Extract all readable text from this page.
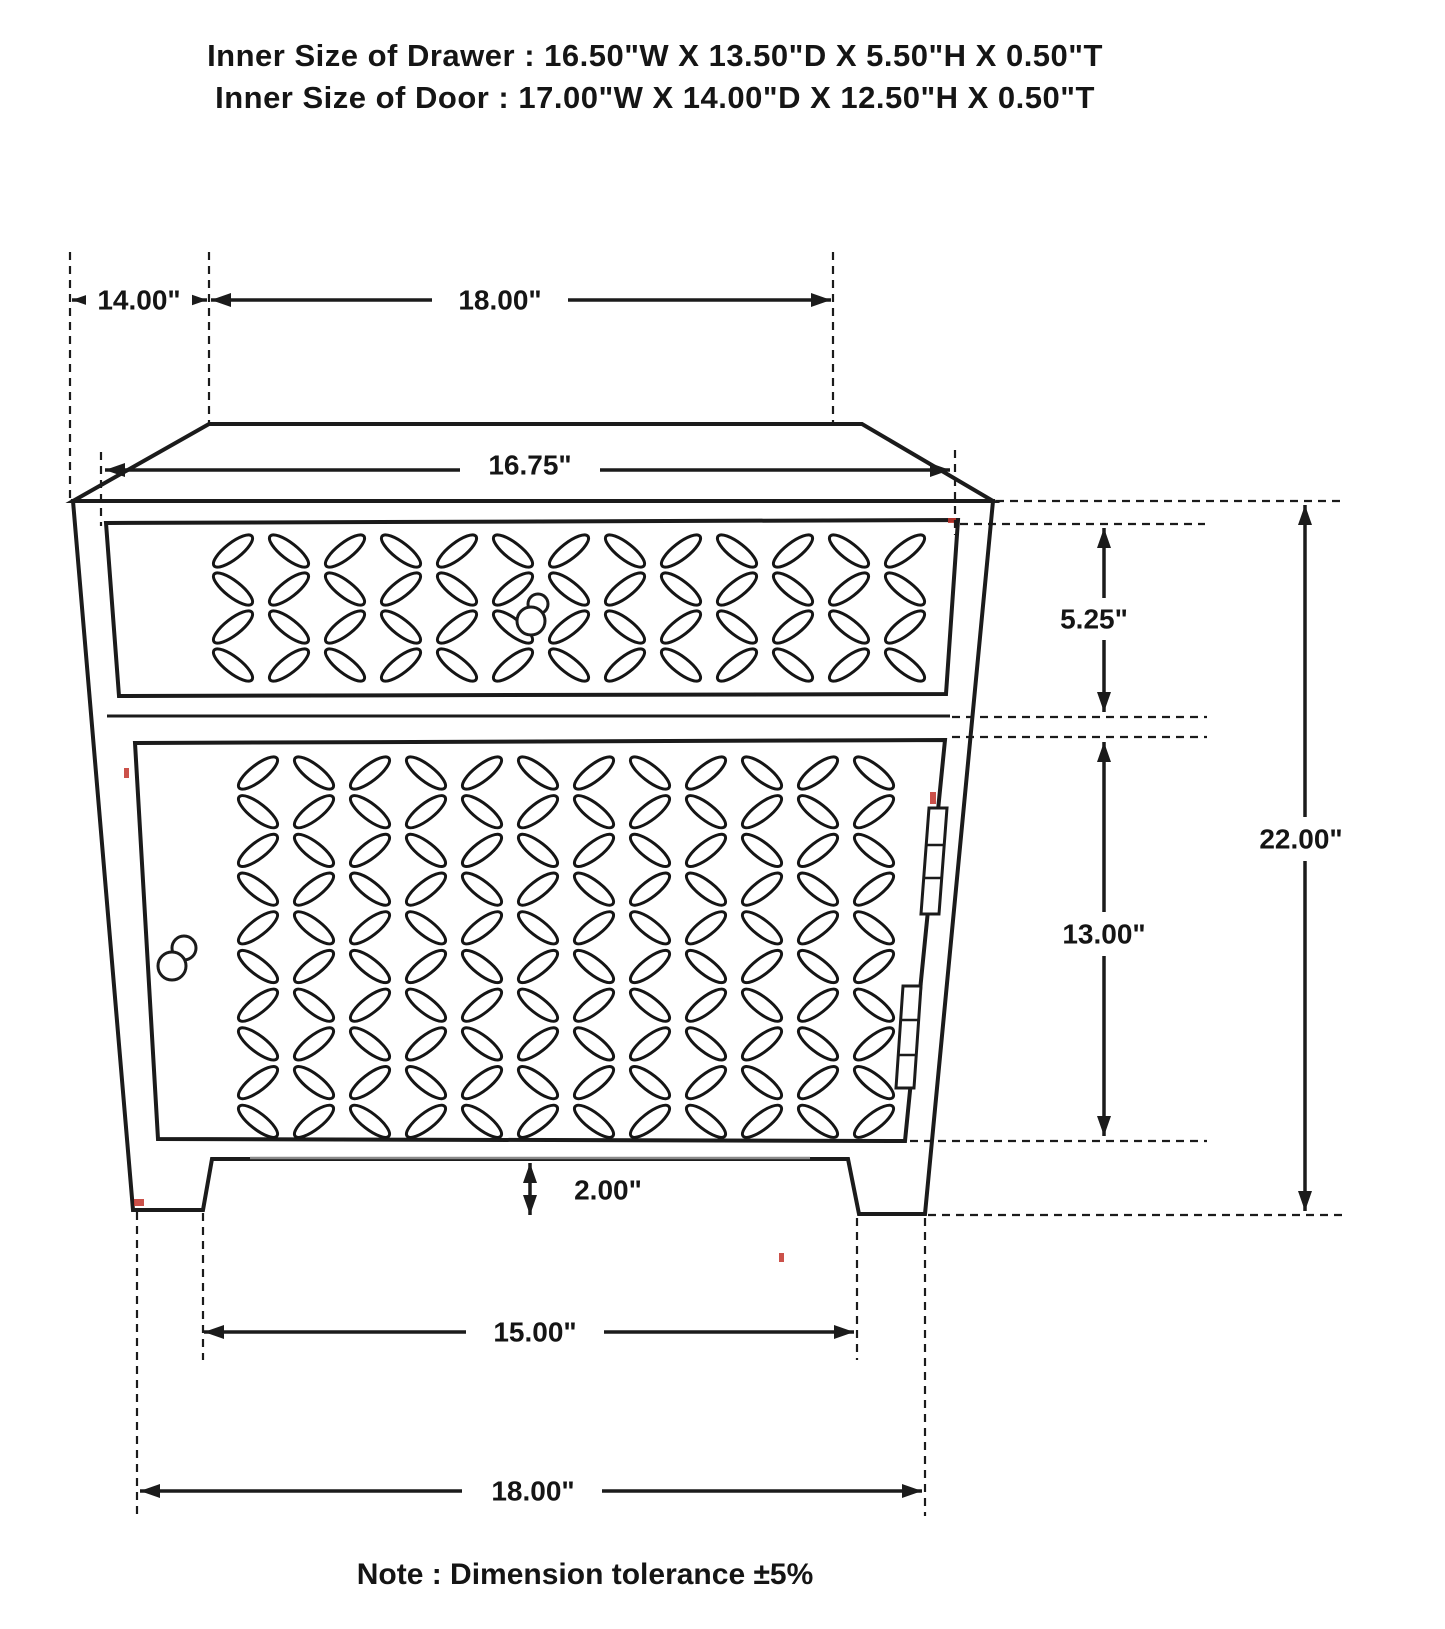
Inner Size of Drawer : 16.50"W X 13.50"D X 5.50"H X 0.50"T
Inner Size of Door : 17.00"W X 14.00"D X 12.50"H X 0.50"T
14.00"	18.00"
16.75"
5.25"
13.00"
22.00"
2.00"
15.00"
18.00"
Note : Dimension tolerance ±5%
